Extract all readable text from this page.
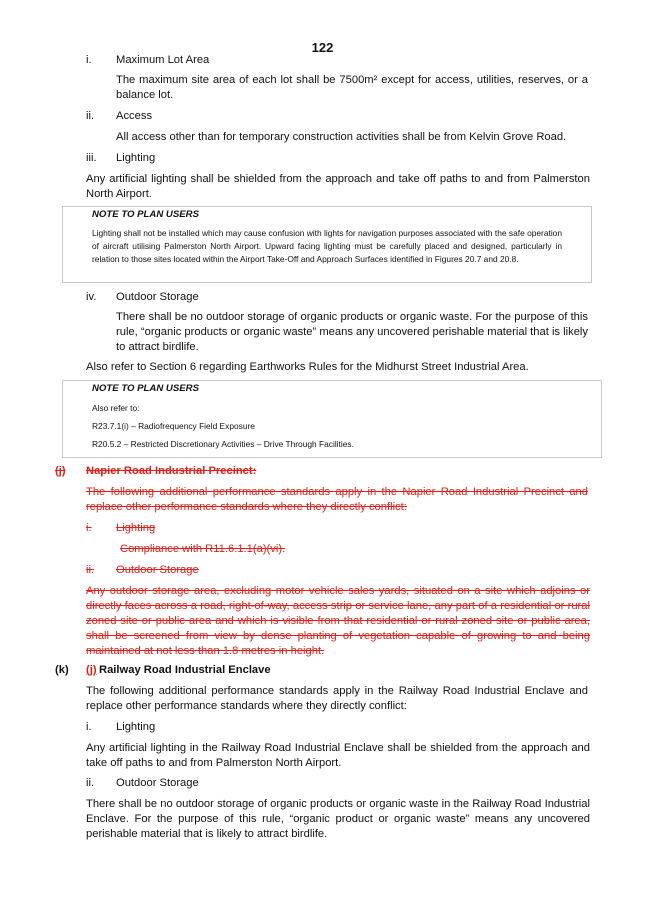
122
i. Maximum Lot Area
The maximum site area of each lot shall be 7500m² except for access, utilities, reserves, or a balance lot.
ii. Access
All access other than for temporary construction activities shall be from Kelvin Grove Road.
iii. Lighting
Any artificial lighting shall be shielded from the approach and take off paths to and from Palmerston North Airport.
NOTE TO PLAN USERS
Lighting shall not be installed which may cause confusion with lights for navigation purposes associated with the safe operation of aircraft utilising Palmerston North Airport. Upward facing lighting must be carefully placed and designed, particularly in relation to those sites located within the Airport Take-Off and Approach Surfaces identified in Figures 20.7 and 20.8.
iv. Outdoor Storage
There shall be no outdoor storage of organic products or organic waste. For the purpose of this rule, “organic products or organic waste” means any uncovered perishable material that is likely to attract birdlife.
Also refer to Section 6 regarding Earthworks Rules for the Midhurst Street Industrial Area.
NOTE TO PLAN USERS
Also refer to:
R23.7.1(i) – Radiofrequency Field Exposure
R20.5.2 – Restricted Discretionary Activities – Drive Through Facilities.
(j) Napier Road Industrial Precinct:
The following additional performance standards apply in the Napier Road Industrial Precinct and replace other performance standards where they directly conflict:
i. Lighting
Compliance with R11.6.1.1(a)(vi).
ii. Outdoor Storage
Any outdoor storage area, excluding motor vehicle sales yards, situated on a site which adjoins or directly faces across a road, right-of-way, access strip or service lane, any part of a residential or rural zoned site or public area and which is visible from that residential or rural zoned site or public area, shall be screened from view by dense planting of vegetation capable of growing to and being maintained at not less than 1.8 metres in height.
(k) (j) Railway Road Industrial Enclave
The following additional performance standards apply in the Railway Road Industrial Enclave and replace other performance standards where they directly conflict:
i. Lighting
Any artificial lighting in the Railway Road Industrial Enclave shall be shielded from the approach and take off paths to and from Palmerston North Airport.
ii. Outdoor Storage
There shall be no outdoor storage of organic products or organic waste in the Railway Road Industrial Enclave. For the purpose of this rule, “organic product or organic waste” means any uncovered perishable material that is likely to attract birdlife.
